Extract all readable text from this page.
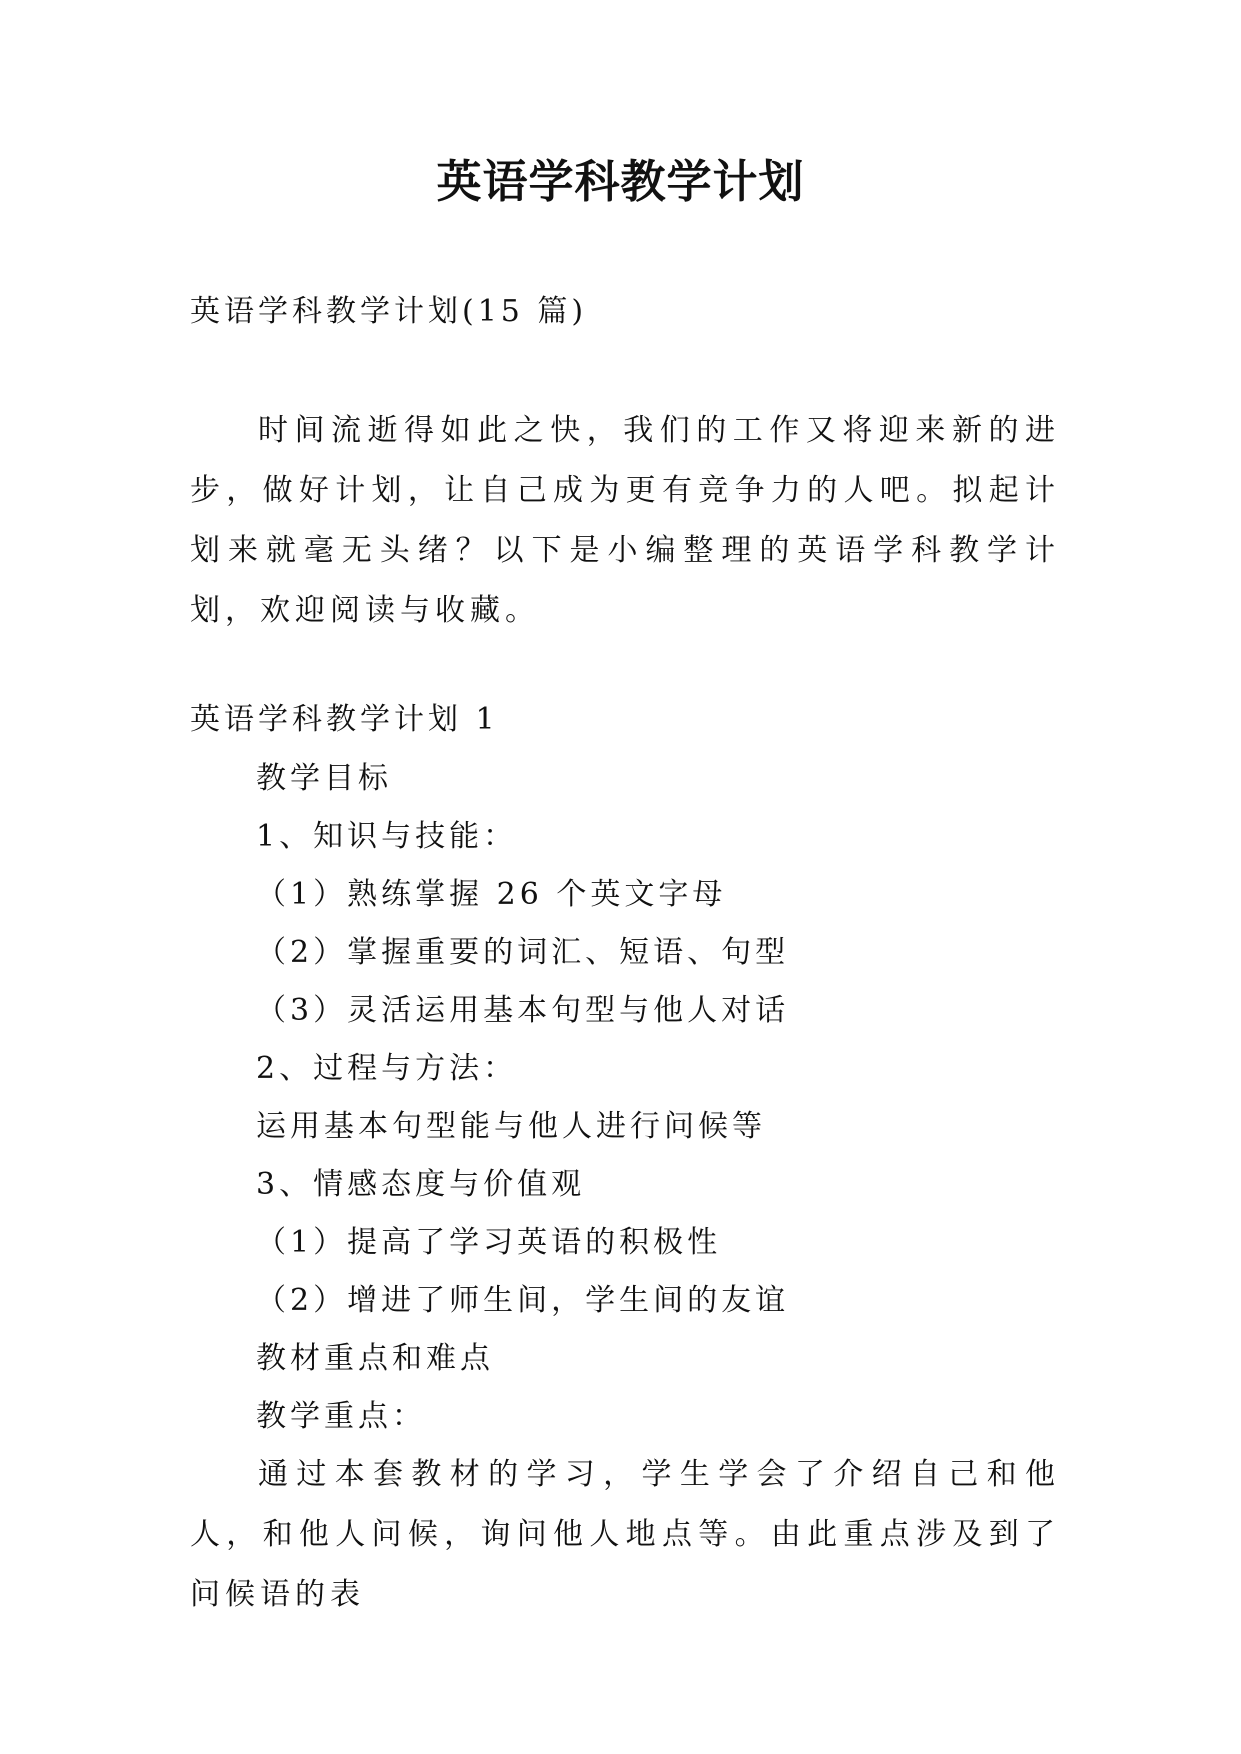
英语学科教学计划
英语学科教学计划(15 篇)
时间流逝得如此之快，我们的工作又将迎来新的进步，做好计划，让自己成为更有竞争力的人吧。拟起计划来就毫无头绪？以下是小编整理的英语学科教学计划，欢迎阅读与收藏。
英语学科教学计划 1
教学目标
1、知识与技能：
（1）熟练掌握 26 个英文字母
（2）掌握重要的词汇、短语、句型
（3）灵活运用基本句型与他人对话
2、过程与方法：
运用基本句型能与他人进行问候等
3、情感态度与价值观
（1）提高了学习英语的积极性
（2）增进了师生间，学生间的友谊
教材重点和难点
教学重点：
通过本套教材的学习，学生学会了介绍自己和他人，和他人问候，询问他人地点等。由此重点涉及到了问候语的表
